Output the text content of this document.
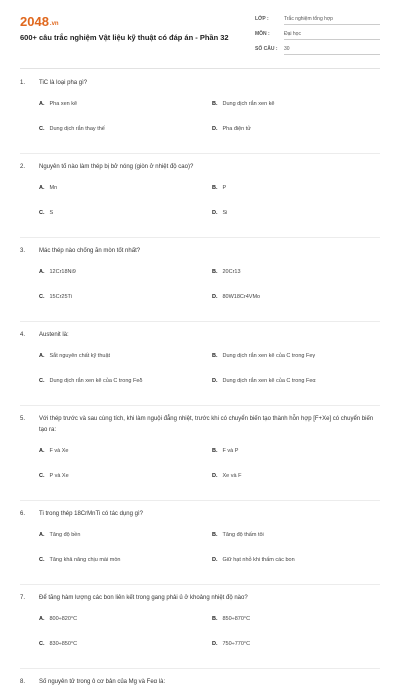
2048.vn
600+ câu trắc nghiệm Vật liệu kỹ thuật có đáp án - Phần 32
LỚP :	Trắc nghiệm tổng hợp
MÔN :	Đại học
SỐ CÂU : 30
1. TiC là loại pha gì?
A. Pha xen kẽ	B. Dung dịch rắn xen kẽ
C. Dung dịch rắn thay thế	D. Pha điện tử
2. Nguyên tố nào làm thép bị bở nóng (giòn ở nhiệt độ cao)?
A. Mn	B. P
C. S	D. Si
3. Mác thép nào chống ăn mòn tốt nhất?
A. 12Cr18Ni9	B. 20Cr13
C. 15Cr25Ti	D. 80W18Cr4VMo
4. Austenit là:
A. Sắt nguyên chất kỹ thuật	B. Dung dịch rắn xen kẽ của C trong Feγ
C. Dung dịch rắn xen kẽ của C trong Feδ	D. Dung dịch rắn xen kẽ của C trong Feα
5. Với thép trước và sau cùng tích, khi làm nguội đẳng nhiệt, trước khi có chuyển biến tạo thành hỗn hợp [F+Xe] có chuyển biến tạo ra:
A. F và Xe	B. F và P
C. P và Xe	D. Xe và F
6. Ti trong thép 18CrMnTi có tác dụng gì?
A. Tăng độ bền	B. Tăng độ thấm tôi
C. Tăng khả năng chịu mài mòn	D. Giữ hạt nhỏ khi thấm các bon
7. Để tăng hàm lượng các bon liên kết trong gang phải ủ ở khoảng nhiệt độ nào?
A. 800÷820°C	B. 850÷870°C
C. 830÷850°C	D. 750÷770°C
8. Số nguyên tử trong ô cơ bản của Mg và Feα là:
